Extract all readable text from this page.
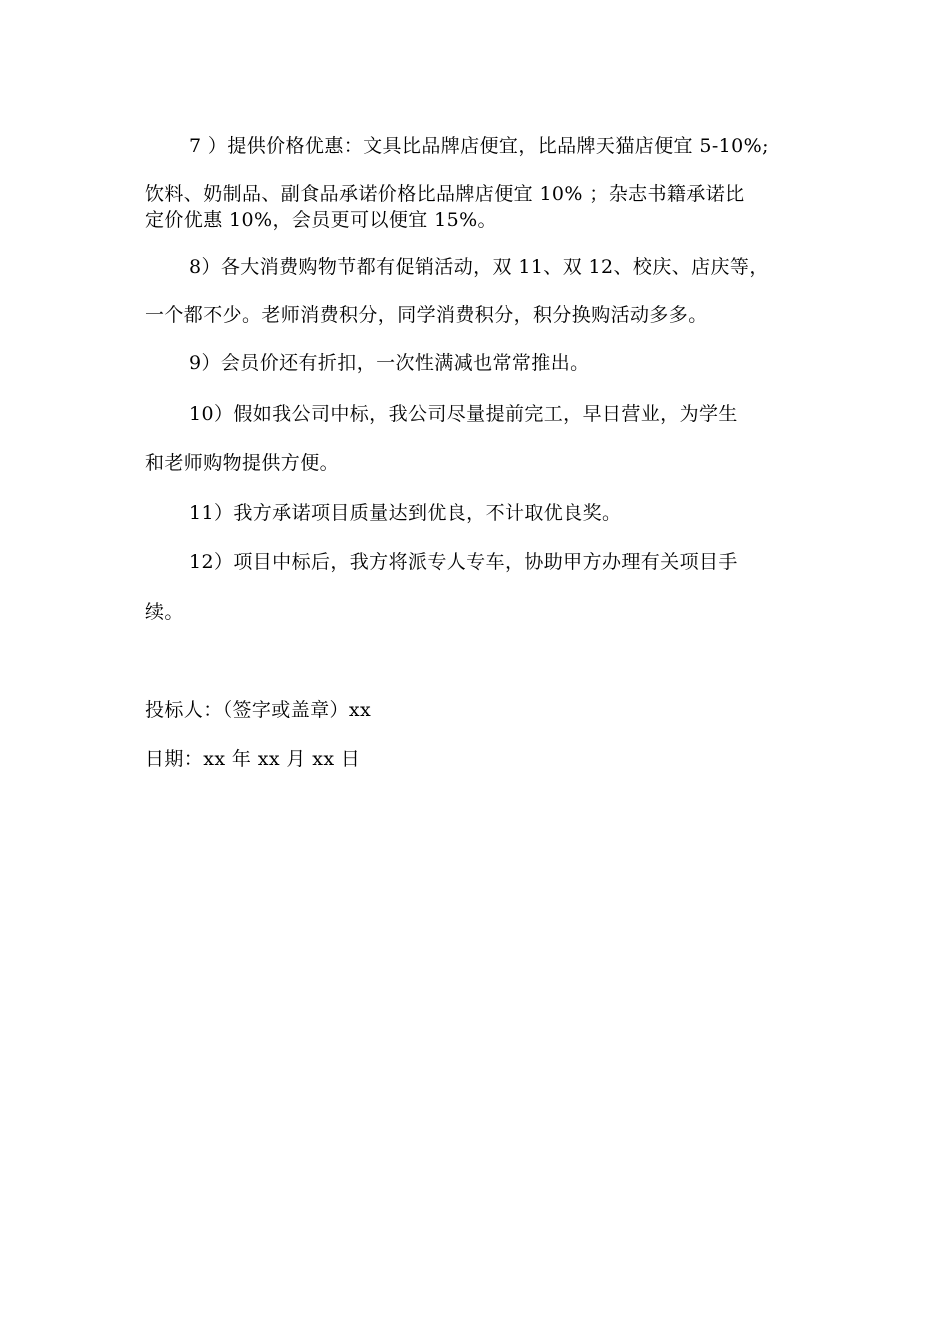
7 ）提供价格优惠：文具比品牌店便宜，比品牌天猫店便宜 5-10%;
饮料、奶制品、副食品承诺价格比品牌店便宜 10% ；杂志书籍承诺比
定价优惠 10%，会员更可以便宜 15%。
8）各大消费购物节都有促销活动，双 11、双 12、校庆、店庆等，
一个都不少。老师消费积分，同学消费积分，积分换购活动多多。
9）会员价还有折扣，一次性满减也常常推出。
10）假如我公司中标，我公司尽量提前完工，早日营业，为学生
和老师购物提供方便。
11）我方承诺项目质量达到优良，不计取优良奖。
12）项目中标后，我方将派专人专车，协助甲方办理有关项目手
续。
投标人：（签字或盖章）xx
日期：xx 年 xx 月 xx 日
